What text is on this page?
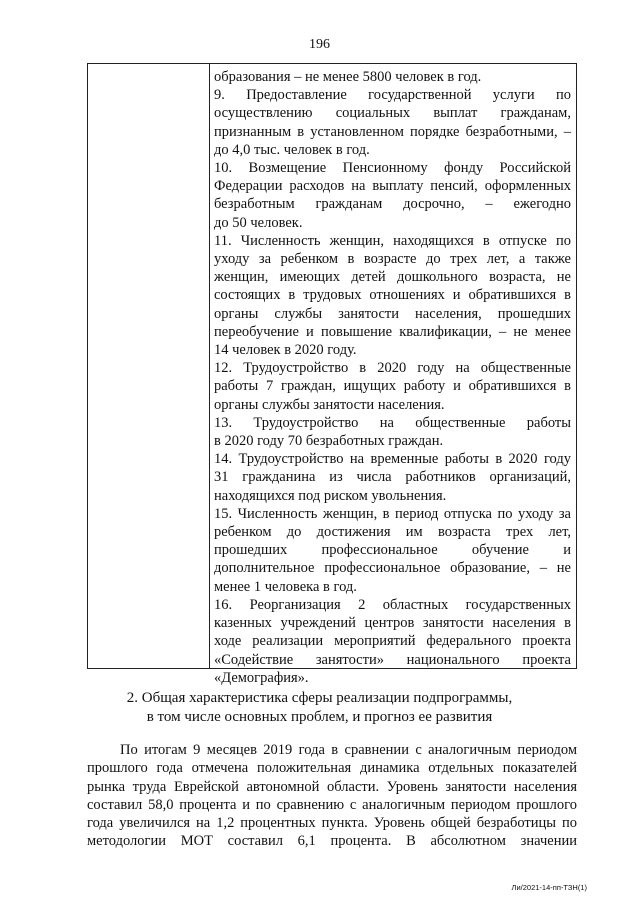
196
образования – не менее 5800 человек в год.
9. Предоставление государственной услуги по
осуществлению социальных выплат гражданам,
признанным в установленном порядке безработными, –
до 4,0 тыс. человек в год.
10. Возмещение Пенсионному фонду Российской
Федерации расходов на выплату пенсий, оформленных
безработным гражданам досрочно, – ежегодно
до 50 человек.
11. Численность женщин, находящихся в отпуске по
уходу за ребенком в возрасте до трех лет, а также
женщин, имеющих детей дошкольного возраста, не
состоящих в трудовых отношениях и обратившихся в
органы службы занятости населения, прошедших
переобучение и повышение квалификации, – не менее
14 человек в 2020 году.
12. Трудоустройство в 2020 году на общественные
работы 7 граждан, ищущих работу и обратившихся в
органы службы занятости населения.
13. Трудоустройство на общественные работы
в 2020 году 70 безработных граждан.
14. Трудоустройство на временные работы в 2020 году
31 гражданина из числа работников организаций,
находящихся под риском увольнения.
15. Численность женщин, в период отпуска по уходу за
ребенком до достижения им возраста трех лет,
прошедших профессиональное обучение и
дополнительное профессиональное образование, – не
менее 1 человека в год.
16. Реорганизация 2 областных государственных
казенных учреждений центров занятости населения в
ходе реализации мероприятий федерального проекта
«Содействие занятости» национального проекта
«Демография».
2. Общая характеристика сферы реализации подпрограммы,
в том числе основных проблем, и прогноз ее развития
По итогам 9 месяцев 2019 года в сравнении с аналогичным периодом
прошлого года отмечена положительная динамика отдельных показателей
рынка труда Еврейской автономной области. Уровень занятости населения
составил 58,0 процента и по сравнению с аналогичным периодом прошлого
года увеличился на 1,2 процентных пункта. Уровень общей безработицы по
методологии МОТ составил 6,1 процента. В абсолютном значении
Ли/2021-14-пп-ТЗН(1)
